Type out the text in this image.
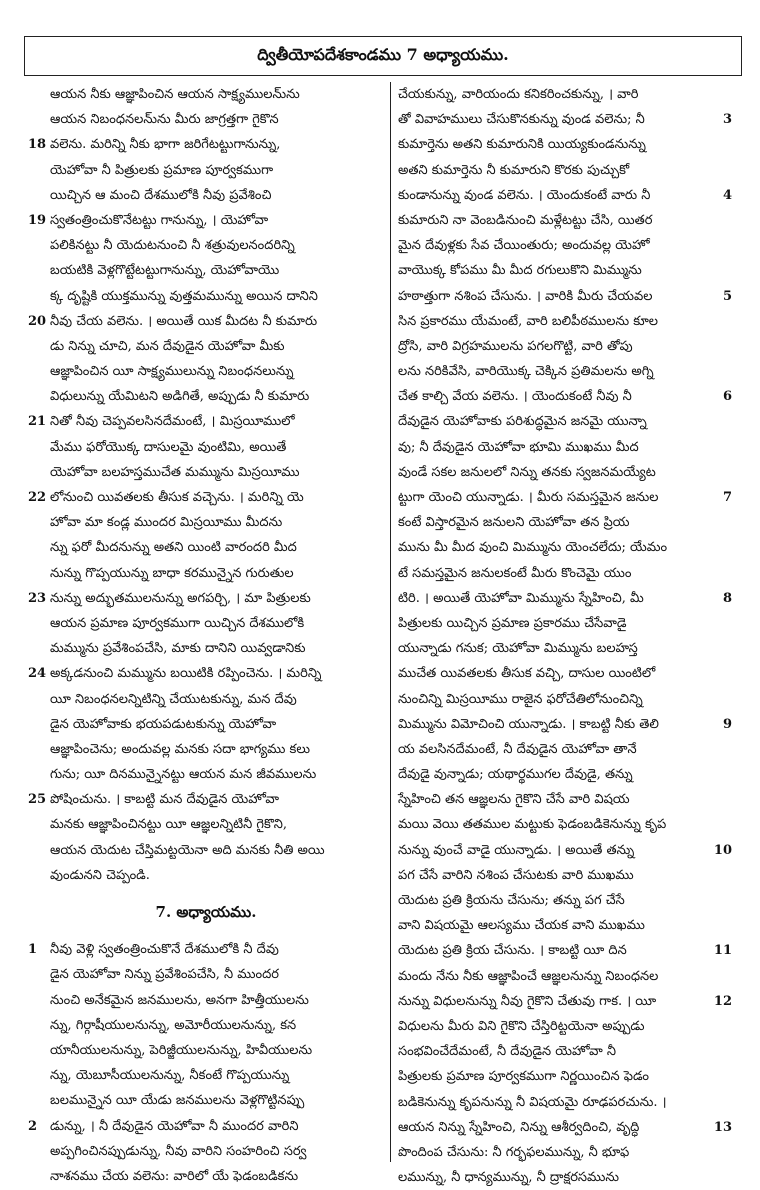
ద్వితీయోపదేశకాండము 7 అధ్యాయము.
ఆయన నీకు ఆజ్ఞాపించిన ఆయన సాక్ష్యములను్ను
ఆయన నిబంధనలను్ను మీరు జాగ్రత్తగా గైకొన
18 వలెను. మరిన్ని నీకు భాగా జరిగేటట్టుగానున్ను,
యెహోవా నీ పిత్రులకు ప్రమాణ పూర్వకముగా
యిచ్చిన ఆ మంచి దేశములోకి నీవు ప్రవేశించి
19 స్వతంత్రించుకొనేటట్టు గానున్ను, । యెహోవా
పలికినట్టు నీ యెదుటనుంచి నీ శత్రువులనందరిన్ని
బయటికి వెళ్లగొట్టేటట్టుగానున్ను, యెహోవాయొ
క్క దృష్టికి యుక్తమున్ను వుత్తమమున్ను అయిన దానిని
20 నీవు చేయ వలెను. । అయితే యిక మీదట నీ కుమారు
డు నిన్ను చూచి, మన దేవుడైన యెహోవా మీకు
ఆజ్ఞాపించిన యీ సాక్ష్యములున్ను నిబంధనలున్ను
విధులున్ను యేమిటని అడిగితే, అప్పుడు నీ కుమారు
21 నితో నీవు చెప్పవలసినదేమంటే, । మిస్రయీములో
మేము ఫరోయొక్క దాసులమై వుంటిమి, అయితే
యెహోవా బలహస్తముచేత మమ్మును మిస్రయీము
22 లోనుంచి యివతలకు తీసుక వచ్చెను. । మరిన్ని యె
హోవా మా కండ్ల ముందర మిస్రయీము మీదను
న్ను ఫరో మీదనున్ను అతని యింటి వారందరి మీద
నున్ను గొప్పయున్ను బాధా కరమున్నైన గురుతుల
23 నున్ను అద్భుతములనున్ను అగపర్చి, । మా పిత్రులకు
ఆయన ప్రమాణ పూర్వకముగా యిచ్చిన దేశములోకి
మమ్మును ప్రవేశింపచేసి, మాకు దానిని యివ్వడానికు
24 అక్కడనుంచి మమ్మును బయిటికి రప్పించెను. । మరిన్ని
యీ నిబంధనలన్నిటిన్ని చేయుటకున్ను, మన దేవు
డైన యెహోవాకు భయపడుటకున్ను యెహోవా
ఆజ్ఞాపించెను; అందువల్ల మనకు సదా భాగ్యము కలు
గును; యీ దినమున్నైనట్టు ఆయన మన జీవములను
25 పోషించును. । కాబట్టి మన దేవుడైన యెహోవా
మనకు ఆజ్ఞాపించినట్టు యీ ఆజ్ఞలన్నిటినీ గైకొని,
ఆయన యెదుట చేస్తిమట్టయెనా అది మనకు నీతి అయి
వుండునని చెప్పండి.
7. అధ్యాయము.
1 నీవు వెళ్లి స్వతంత్రించుకొనే దేశములోకి నీ దేవు
డైన యెహోవా నిన్ను ప్రవేశింపచేసి, నీ ముందర
నుంచి అనేకమైన జనములను, అనగా హిత్తీయులను
న్ను, గిర్గాషీయులనున్ను, అమోరీయులనున్ను, కన
యానీయులనున్ను, పెరిజ్జీయులనున్ను, హివీయులను
న్ను, యెబూసీయులనున్ను, నీకంటే గొప్పయున్ను
బలమున్నైన యీ యేడు జనములను వెళ్లగొట్టినప్పు
2 డున్ను, । నీ దేవుడైన యెహోవా నీ ముందర వారిని
అప్పగించినప్పుడున్ను, నీవు వారిని సంహరించి సర్వ
నాశనము చేయ వలెను: వారిలో యే ఫెడంబడికను
చేయకున్ను, వారియందు కనికరించకున్ను, । వారి
3
తో వివాహములు చేసుకొనకున్ను వుండ వలెను; నీ
కుమార్తెను అతని కుమారునికి యియ్యకుండనున్ను
అతని కుమార్తెను నీ కుమారుని కొరకు పుచ్చుకో
4
కుండానున్ను వుండ వలెను. । యెందుకంటే వారు నీ
కుమారుని నా వెంబడినుంచి మళ్లేటట్టు చేసి, యితర
మైన దేవుళ్లకు సేవ చేయింతురు; అందువల్ల యెహో
వాయొక్క కోపము మీ మీద రగులుకొని మిమ్మును
5
హఠాత్తుగా నశింప చేసును. । వారికి మీరు చేయవల
సిన ప్రకారము యేమంటే, వారి బలిపీఠములను కూల
ద్రోసి, వారి విగ్రహములను పగలగొట్టి, వారి తోపు
లను నరికివేసి, వారియొక్క చెక్కిన ప్రతిమలను అగ్ని
6
చేత కాల్చి వేయ వలెను. । యెందుకంటే నీవు నీ
దేవుడైన యెహోవాకు పరిశుద్ధమైన జనమై యున్నా
వు; నీ దేవుడైన యెహోవా భూమి ముఖము మీద
వుండే సకల జనులలో నిన్ను తనకు స్వజనమయ్యేట
7
ట్టుగా యెంచి యున్నాడు. । మీరు సమస్తమైన జనుల
కంటే విస్తారమైన జనులని యెహోవా తన ప్రియ
మును మీ మీద వుంచి మిమ్మును యెంచలేదు; యేమం
టే సమస్తమైన జనులకంటే మీరు కొంచెమై యుం
8
టిరి. । అయితే యెహోవా మిమ్మును స్నేహించి, మీ
పిత్రులకు యిచ్చిన ప్రమాణ ప్రకారము చేసేవాడై
యున్నాడు గనుక; యెహోవా మిమ్మును బలహస్త
ముచేత యివతలకు తీసుక వచ్చి, దాసుల యింటిలో
నుంచిన్ని మిస్రయీము రాజైన ఫరోచేతిలోనుంచిన్ని
9
మిమ్మును విమోచించి యున్నాడు. । కాబట్టి నీకు తెలి
య వలసినదేమంటే, నీ దేవుడైన యెహోవా తానే
దేవుడై వున్నాడు; యథార్థముగల దేవుడై, తన్ను
స్నేహించి తన ఆజ్ఞలను గైకొని చేసే వారి విషయ
మయి వెయి తతముల మట్టుకు ఫెడంబడికెనున్ను కృప
10
నున్ను వుంచే వాడై యున్నాడు. । అయితే తన్ను
పగ చేసే వారిని నశింప చేసుటకు వారి ముఖము
యెదుట ప్రతి క్రియను చేసును; తన్ను పగ చేసే
వాని విషయమై ఆలస్యము చేయక వాని ముఖము
11
యెదుట ప్రతి క్రియ చేసును. । కాబట్టి యీ దిన
మందు నేను నీకు ఆజ్ఞాపించే ఆజ్ఞలనున్ను నిబంధనల
12
నున్ను విధులనున్ను నీవు గైకొని చేతువు గాక. । యీ
విధులను మీరు విని గైకొని చేస్తిరిట్టయెనా అప్పుడు
సంభవించేదేమంటే, నీ దేవుడైన యెహోవా నీ
పిత్రులకు ప్రమాణ పూర్వకముగా నిర్ణయించిన ఫెడం
బడికెనున్ను కృపనున్ను నీ విషయమై రూఢపరచును. ।
13
ఆయన నిన్ను స్నేహించి, నిన్ను ఆశీర్వదించి, వృద్ధి
పొందింప చేసును: నీ గర్భఫలమున్ను, నీ భూఫ
లమున్ను, నీ ధాన్యమున్ను, నీ ద్రాక్షరసమును
